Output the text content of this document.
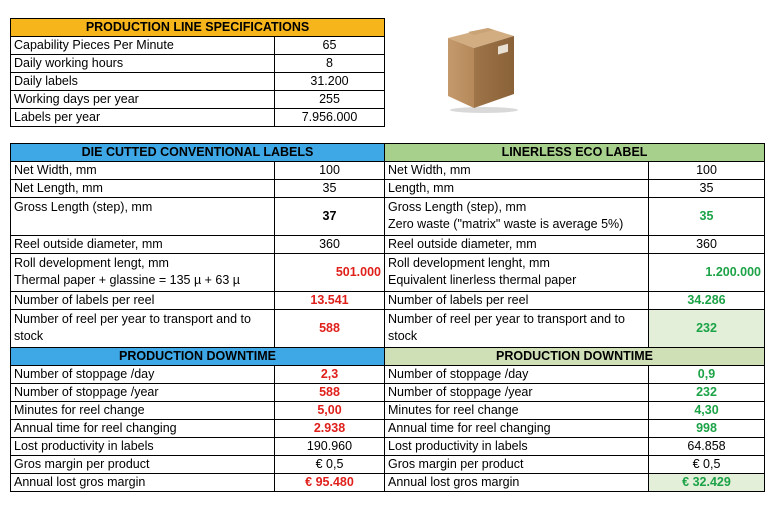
PRODUCTION LINE SPECIFICATIONS	
Capability Pieces Per Minute	65
Daily working hours	8
Daily labels	31.200
Working days per year	255
Labels per year	7.956.000
DIE CUTTED CONVENTIONAL LABELS	
Net Width, mm	100
Net Length, mm	35
Gross Length (step), mm	37
Reel outside diameter, mm	360
Roll development lengt, mm
Thermal paper + glassine = 135 µ + 63 µ	501.000
Number of labels per reel	13.541
Number of reel per year to transport and to
stock	588
PRODUCTION DOWNTIME	
Number of stoppage /day	2,3
Number of stoppage /year	588
Minutes for reel change	5,00
Annual time for reel changing	2.938
Lost productivity in labels	190.960
Gros margin per product	€ 0,5
Annual lost gros margin	€ 95.480
LINERLESS ECO LABEL	
Net Width, mm	100
Length, mm	35
Gross Length (step), mm
Zero waste ("matrix" waste is average 5%)	35
Reel outside diameter, mm	360
Roll development lenght, mm
Equivalent linerless thermal paper	1.200.000
Number of labels per reel	34.286
Number of reel per year to transport and to
stock	232
PRODUCTION DOWNTIME	
Number of stoppage /day	0,9
Number of stoppage /year	232
Minutes for reel change	4,30
Annual time for reel changing	998
Lost productivity in labels	64.858
Gros margin per product	€ 0,5
Annual lost gros margin	€ 32.429
